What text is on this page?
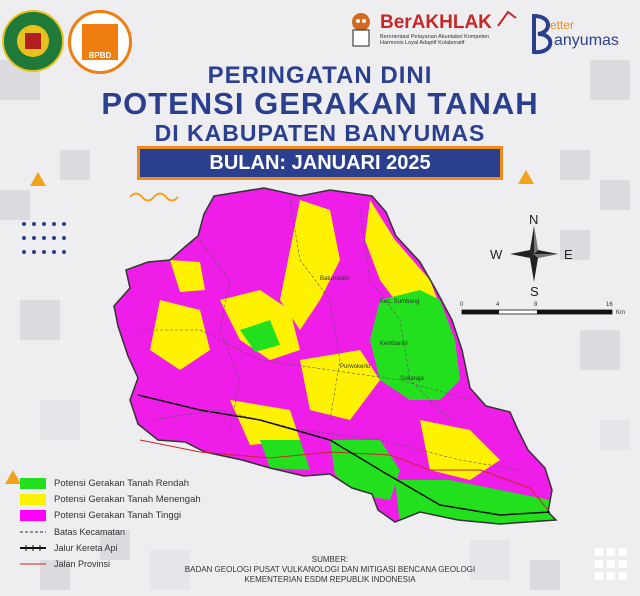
BPBD
BerAKHLAK
Berorientasi Pelayanan Akuntabel Kompeten
Harmonis Loyal Adaptif Kolaboratif
etter
anyumas
PERINGATAN DINI
POTENSI GERAKAN TANAH
DI KABUPATEN BANYUMAS
BULAN: JANUARI 2025
Kec. Sumbang
Sokaraja
Baturraden
Kembaran
Purwokerto
N
S
E
W
0	4	8	16
Km
Potensi Gerakan Tanah Rendah
Potensi Gerakan Tanah Menengah
Potensi Gerakan Tanah Tinggi
Batas Kecamatan
Jalur Kereta Api
Jalan Provinsi	SUMBER:
BADAN GEOLOGI PUSAT VULKANOLOGI DAN MITIGASI BENCANA GEOLOGI
KEMENTERIAN ESDM REPUBLIK INDONESIA
